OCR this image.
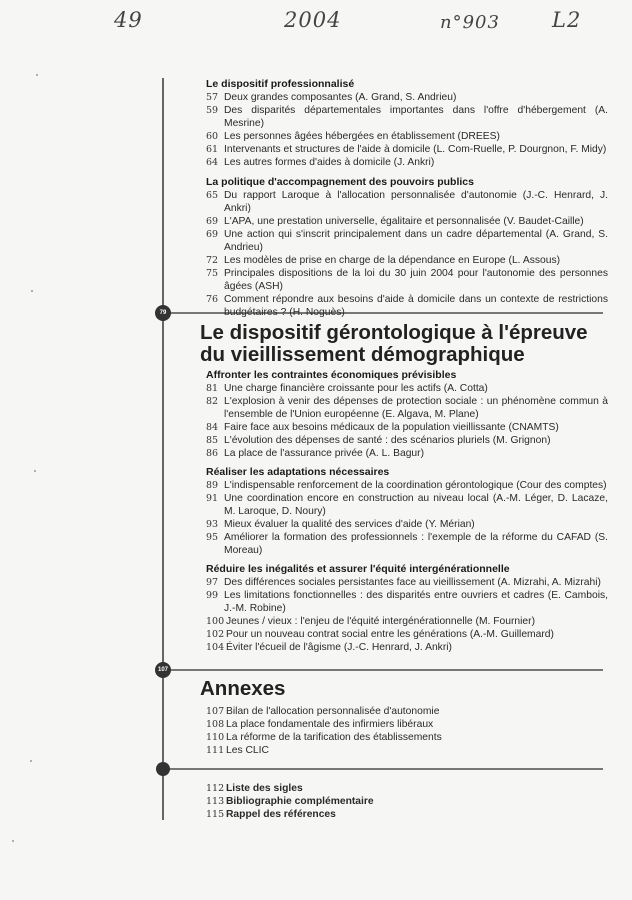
49	2004	n°903 L2
79
107

Le dispositif professionnalisé

57 Deux grandes composantes (A. Grand, S. Andrieu)
59 Des disparités départementales importantes dans l'offre d'hébergement (A. Mesrine)
60 Les personnes âgées hébergées en établissement (DREES)
61 Intervenants et structures de l'aide à domicile (L. Com-Ruelle, P. Dourgnon, F. Midy)
64 Les autres formes d'aides à domicile (J. Ankri)

La politique d'accompagnement des pouvoirs publics

65 Du rapport Laroque à l'allocation personnalisée d'autonomie (J.-C. Henrard, J. Ankri)
69 L'APA, une prestation universelle, égalitaire et personnalisée (V. Baudet-Caille)
69 Une action qui s'inscrit principalement dans un cadre départemental (A. Grand, S. Andrieu)
72 Les modèles de prise en charge de la dépendance en Europe (L. Assous)
75 Principales dispositions de la loi du 30 juin 2004 pour l'autonomie des personnes âgées (ASH)
76 Comment répondre aux besoins d'aide à domicile dans un contexte de restrictions budgétaires ? (H. Noguès)
Le dispositif gérontologique à l'épreuve du vieillissement démographique

Affronter les contraintes économiques prévisibles

81 Une charge financière croissante pour les actifs (A. Cotta)
82 L'explosion à venir des dépenses de protection sociale : un phénomène commun à l'ensemble de l'Union européenne (E. Algava, M. Plane)
84 Faire face aux besoins médicaux de la population vieillissante (CNAMTS)
85 L'évolution des dépenses de santé : des scénarios pluriels (M. Grignon)
86 La place de l'assurance privée (A. L. Bagur)

Réaliser les adaptations nécessaires

89 L'indispensable renforcement de la coordination gérontologique (Cour des comptes)
91 Une coordination encore en construction au niveau local (A.-M. Léger, D. Lacaze, M. Laroque, D. Noury)
93 Mieux évaluer la qualité des services d'aide (Y. Mérian)
95 Améliorer la formation des professionnels : l'exemple de la réforme du CAFAD (S. Moreau)

Réduire les inégalités et assurer l'équité intergénérationnelle

97 Des différences sociales persistantes face au vieillissement (A. Mizrahi, A. Mizrahi)
99 Les limitations fonctionnelles : des disparités entre ouvriers et cadres (E. Cambois, J.-M. Robine)
100 Jeunes / vieux : l'enjeu de l'équité intergénérationnelle (M. Fournier)
102 Pour un nouveau contrat social entre les générations (A.-M. Guillemard)
104 Éviter l'écueil de l'âgisme (J.-C. Henrard, J. Ankri)
Annexes
107 Bilan de l'allocation personnalisée d'autonomie
108 La place fondamentale des infirmiers libéraux
110 La réforme de la tarification des établissements
111 Les CLIC
112 Liste des sigles
113 Bibliographie complémentaire
115 Rappel des références
